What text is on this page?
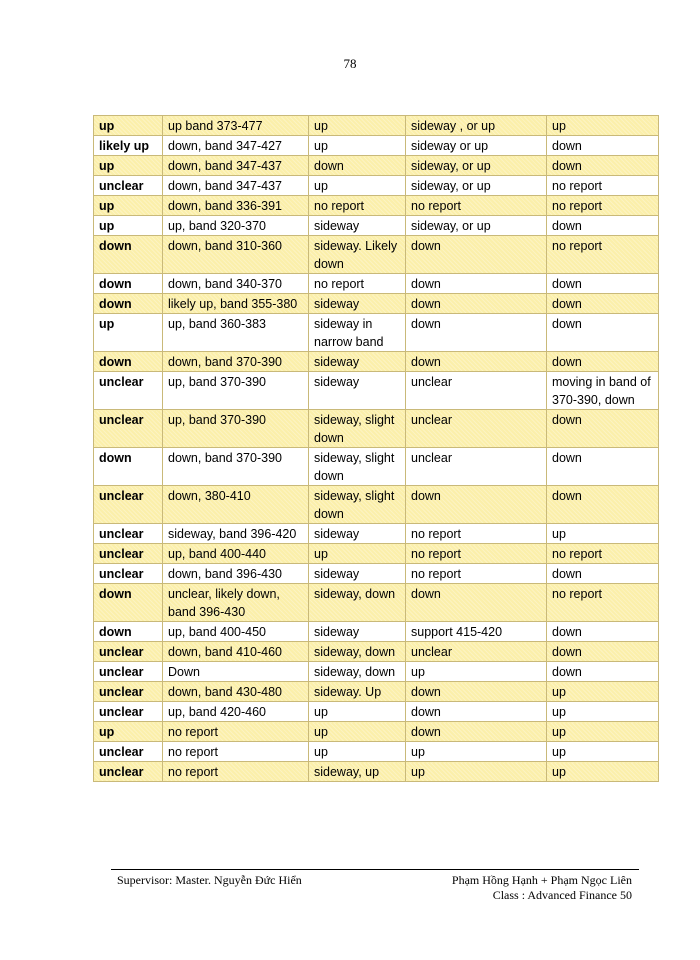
78
up	up band 373-477	up	sideway , or up	up
likely up	down, band 347-427	up	sideway or up	down
up	down, band 347-437	down	sideway, or up	down
unclear	down, band 347-437	up	sideway, or up	no report
up	down, band 336-391	no report	no report	no report
up	up, band 320-370	sideway	sideway, or up	down
down	down, band 310-360	sideway. Likely down	down	no report
down	down, band 340-370	no report	down	down
down	likely up, band 355-380	sideway	down	down
up	up, band 360-383	sideway in narrow band	down	down
down	down, band 370-390	sideway	down	down
unclear	up, band 370-390	sideway	unclear	moving in band of 370-390, down
unclear	up, band 370-390	sideway, slight down	unclear	down
down	down, band 370-390	sideway, slight down	unclear	down
unclear	down, 380-410	sideway, slight down	down	down
unclear	sideway, band 396-420	sideway	no report	up
unclear	up, band 400-440	up	no report	no report
unclear	down, band 396-430	sideway	no report	down
down	unclear, likely down, band 396-430	sideway, down	down	no report
down	up, band 400-450	sideway	support 415-420	down
unclear	down, band 410-460	sideway, down	unclear	down
unclear	Down	sideway, down	up	down
unclear	down, band 430-480	sideway. Up	down	up
unclear	up, band 420-460	up	down	up
up	no report	up	down	up
unclear	no report	up	up	up
unclear	no report	sideway, up	up	up
Supervisor: Master. Nguyễn Đức Hiển	Phạm Hồng Hạnh + Phạm Ngọc Liên
Class : Advanced Finance 50
